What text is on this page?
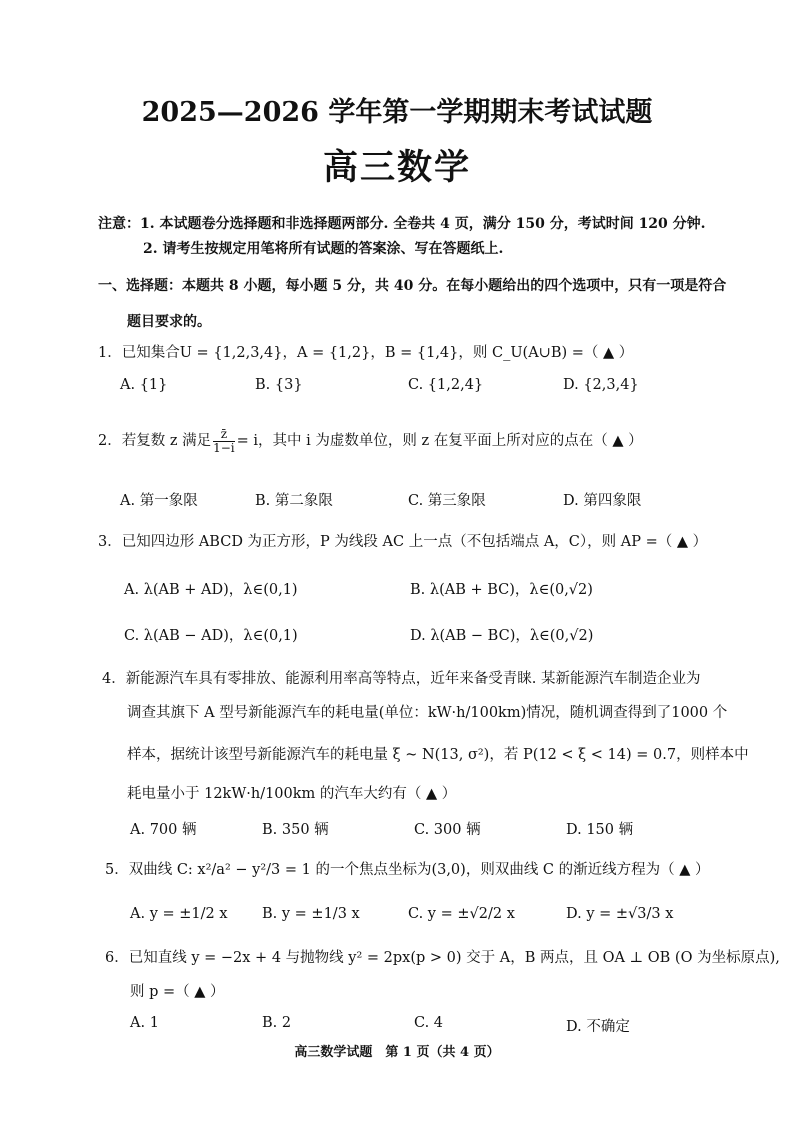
2025—2026 学年第一学期期末考试试题
高三数学
注意：1. 本试题卷分选择题和非选择题两部分. 全卷共 4 页，满分 150 分，考试时间 120 分钟.
2. 请考生按规定用笔将所有试题的答案涂、写在答题纸上.
一、选择题：本题共 8 小题，每小题 5 分，共 40 分。在每小题给出的四个选项中，只有一项是符合
题目要求的。
1．已知集合U = {1,2,3,4}，A = {1,2}，B = {1,4}，则 C_U(A∪B) =（ ▲ ）
A. {1}	B. {3}	C. {1,2,4}	D. {2,3,4}
2．若复数 z 满足 $\frac{z̄}{1-i} = i$，其中 i 为虚数单位，则 z 在复平面上所对应的点在（ ▲ ）
A. 第一象限	B. 第二象限	C. 第三象限	D. 第四象限
3．已知四边形 ABCD 为正方形，P 为线段 AC 上一点（不包括端点 A，C），则 AP =（ ▲ ）
A. λ(AB + AD)，λ∈(0,1)	B. λ(AB + BC)，λ∈(0,√2)
C. λ(AB − AD)，λ∈(0,1)	D. λ(AB − BC)，λ∈(0,√2)
4．新能源汽车具有零排放、能源利用率高等特点，近年来备受青睐. 某新能源汽车制造企业为
调查其旗下 A 型号新能源汽车的耗电量(单位：kW·h/100km)情况，随机调查得到了1000 个
样本，据统计该型号新能源汽车的耗电量 ξ ~ N(13, σ²)，若 P(12 < ξ < 14) = 0.7，则样本中
耗电量小于 12kW·h/100km 的汽车大约有（ ▲ ）
A. 700 辆	B. 350 辆	C. 300 辆	D. 150 辆
5．双曲线 C: x²/a² − y²/3 = 1 的一个焦点坐标为(3,0)，则双曲线 C 的渐近线方程为（ ▲ ）
A. y = ±1/2 x B. y = ±1/3 x	C. y = ±√2/2 x	D. y = ±√3/3 x
6．已知直线 y = −2x + 4 与抛物线 y² = 2px(p > 0) 交于 A，B 两点，且 OA ⊥ OB (O 为坐标原点),
则 p =（ ▲ ）
A. 1	B. 2	C. 4	D. 不确定
高三数学试题　第 1 页（共 4 页）
